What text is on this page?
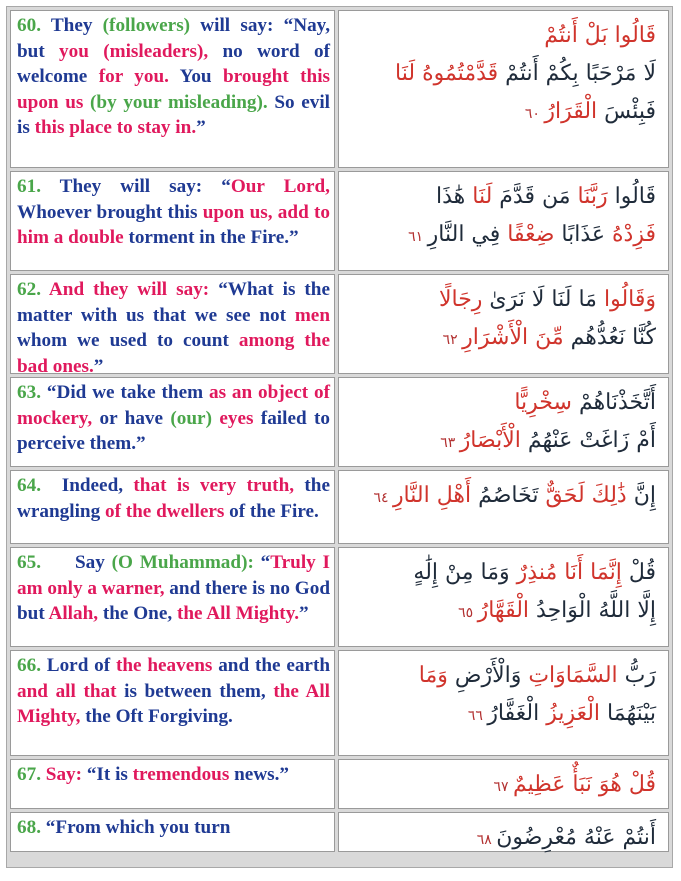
60. They (followers) will say: “Nay, but you (misleaders), no word of welcome for you. You brought this upon us (by your misleading). So evil is this place to stay in.”
قَالُوا بَلْ أَنتُمْ
لَا مَرْحَبًا بِكُمْ أَنتُمْ قَدَّمْتُمُوهُ لَنَا
فَبِئْسَ الْقَرَارُ ٦٠
61. They will say: “Our Lord, Whoever brought this upon us, add to him a double torment in the Fire.”
قَالُوا رَبَّنَا مَن قَدَّمَ لَنَا هَٰذَا
فَزِدْهُ عَذَابًا ضِعْفًا فِي النَّارِ ٦١
62. And they will say: “What is the matter with us that we see not men whom we used to count among the bad ones.”
وَقَالُوا مَا لَنَا لَا نَرَىٰ رِجَالًا
كُنَّا نَعُدُّهُم مِّنَ الْأَشْرَارِ ٦٢
63. “Did we take them as an object of mockery, or have (our) eyes failed to perceive them.”
أَتَّخَذْنَاهُمْ سِخْرِيًّا
أَمْ زَاغَتْ عَنْهُمُ الْأَبْصَارُ ٦٣
64.  Indeed, that is very truth, the wrangling of the dwellers of the Fire.
إِنَّ ذَٰلِكَ لَحَقٌّ تَخَاصُمُ أَهْلِ النَّارِ ٦٤
65.     Say (O Muhammad): “Truly I am only a warner, and there is no God but Allah, the One, the All Mighty.”
قُلْ إِنَّمَا أَنَا مُنذِرٌ وَمَا مِنْ إِلَٰهٍ
إِلَّا اللَّهُ الْوَاحِدُ الْقَهَّارُ ٦٥
66. Lord of the heavens and the earth and all that is between them, the All Mighty, the Oft Forgiving.
رَبُّ السَّمَاوَاتِ وَالْأَرْضِ وَمَا
بَيْنَهُمَا الْعَزِيزُ الْغَفَّارُ ٦٦
67. Say: “It is tremendous news.”	قُلْ هُوَ نَبَأٌ عَظِيمٌ ٦٧
68. “From which you turn	أَنتُمْ عَنْهُ مُعْرِضُونَ ٦٨
